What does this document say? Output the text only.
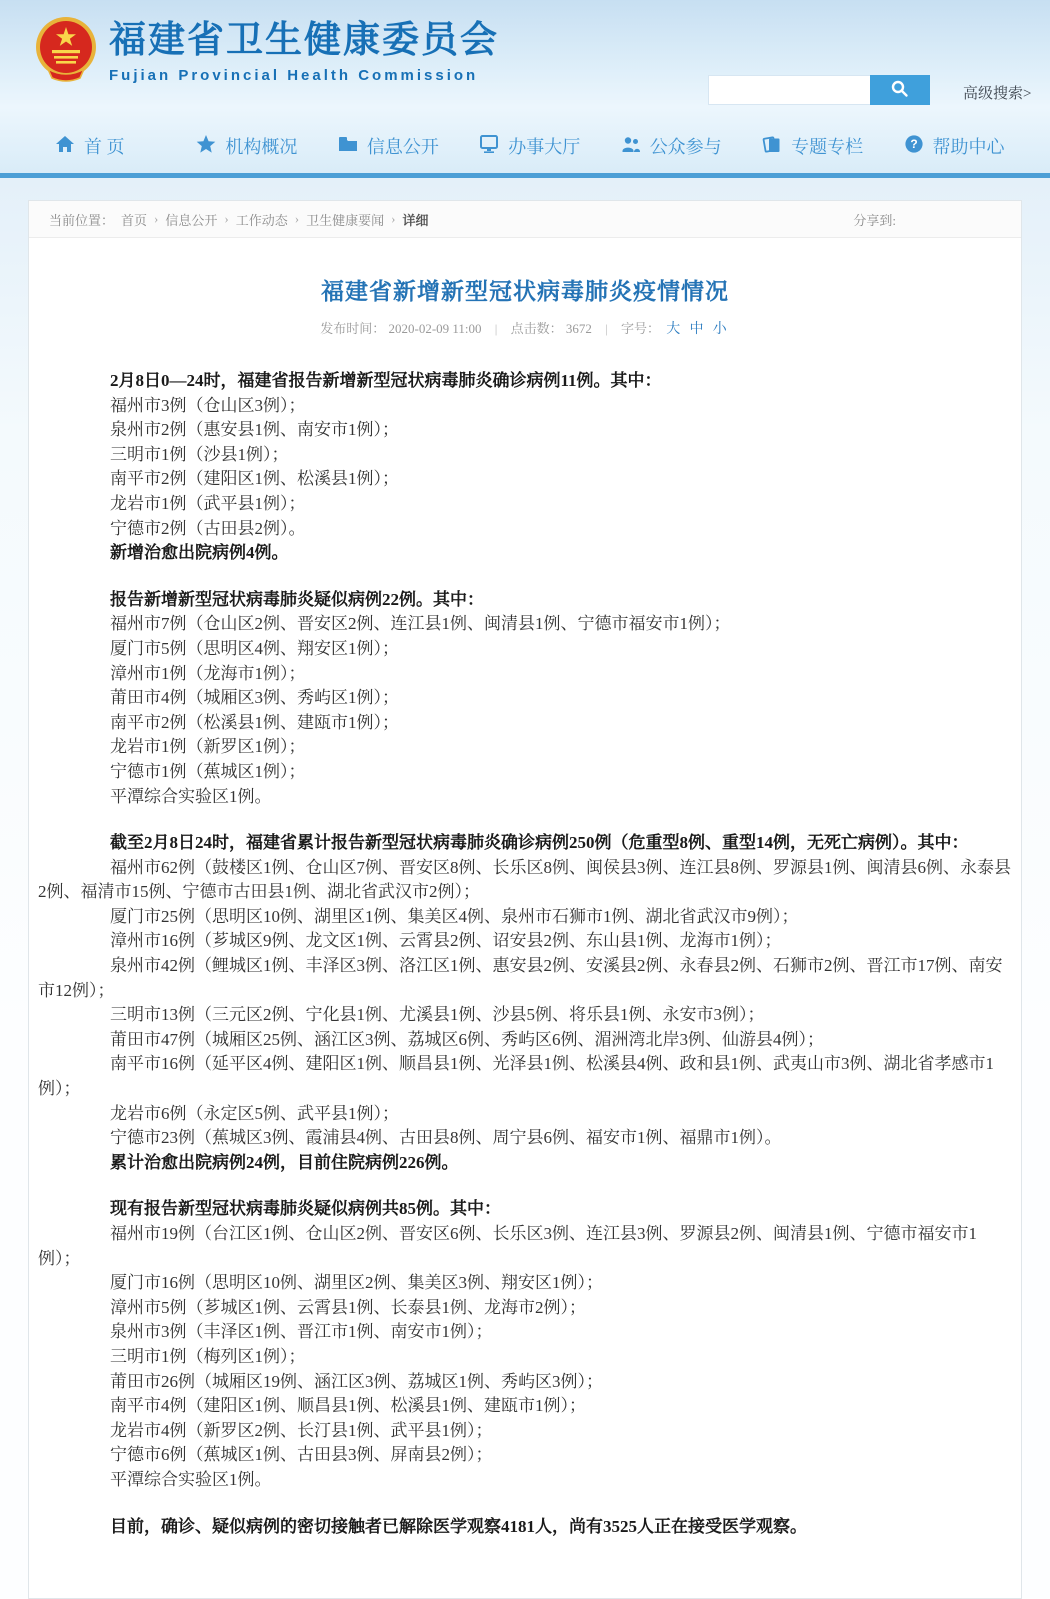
福建省卫生健康委员会
Fujian Provincial Health Commission
高级搜索>
首 页	机构概况	信息公开	办事大厅	公众参与	专题专栏	? 帮助中心
当前位置： 首页 › 信息公开 › 工作动态 › 卫生健康要闻 › 详细	分享到:
福建省新增新型冠状病毒肺炎疫情情况
发布时间： 2020-02-09 11:00 | 点击数： 3672 | 字号： 大 中 小

2月8日0—24时，福建省报告新增新型冠状病毒肺炎确诊病例11例。其中：

福州市3例（仓山区3例）；

泉州市2例（惠安县1例、南安市1例）；

三明市1例（沙县1例）；

南平市2例（建阳区1例、松溪县1例）；

龙岩市1例（武平县1例）；

宁德市2例（古田县2例）。

新增治愈出院病例4例。

报告新增新型冠状病毒肺炎疑似病例22例。其中：

福州市7例（仓山区2例、晋安区2例、连江县1例、闽清县1例、宁德市福安市1例）；

厦门市5例（思明区4例、翔安区1例）；

漳州市1例（龙海市1例）；

莆田市4例（城厢区3例、秀屿区1例）；

南平市2例（松溪县1例、建瓯市1例）；

龙岩市1例（新罗区1例）；

宁德市1例（蕉城区1例）；

平潭综合实验区1例。

截至2月8日24时，福建省累计报告新型冠状病毒肺炎确诊病例250例（危重型8例、重型14例，无死亡病例）。其中：

福州市62例（鼓楼区1例、仓山区7例、晋安区8例、长乐区8例、闽侯县3例、连江县8例、罗源县1例、闽清县6例、永泰县2例、福清市15例、宁德市古田县1例、湖北省武汉市2例）；

厦门市25例（思明区10例、湖里区1例、集美区4例、泉州市石狮市1例、湖北省武汉市9例）；

漳州市16例（芗城区9例、龙文区1例、云霄县2例、诏安县2例、东山县1例、龙海市1例）；

泉州市42例（鲤城区1例、丰泽区3例、洛江区1例、惠安县2例、安溪县2例、永春县2例、石狮市2例、晋江市17例、南安市12例）；

三明市13例（三元区2例、宁化县1例、尤溪县1例、沙县5例、将乐县1例、永安市3例）；

莆田市47例（城厢区25例、涵江区3例、荔城区6例、秀屿区6例、湄洲湾北岸3例、仙游县4例）；

南平市16例（延平区4例、建阳区1例、顺昌县1例、光泽县1例、松溪县4例、政和县1例、武夷山市3例、湖北省孝感市1例）；

龙岩市6例（永定区5例、武平县1例）；

宁德市23例（蕉城区3例、霞浦县4例、古田县8例、周宁县6例、福安市1例、福鼎市1例）。

累计治愈出院病例24例，目前住院病例226例。

现有报告新型冠状病毒肺炎疑似病例共85例。其中：

福州市19例（台江区1例、仓山区2例、晋安区6例、长乐区3例、连江县3例、罗源县2例、闽清县1例、宁德市福安市1例）；

厦门市16例（思明区10例、湖里区2例、集美区3例、翔安区1例）；

漳州市5例（芗城区1例、云霄县1例、长泰县1例、龙海市2例）；

泉州市3例（丰泽区1例、晋江市1例、南安市1例）；

三明市1例（梅列区1例）；

莆田市26例（城厢区19例、涵江区3例、荔城区1例、秀屿区3例）；

南平市4例（建阳区1例、顺昌县1例、松溪县1例、建瓯市1例）；

龙岩市4例（新罗区2例、长汀县1例、武平县1例）；

宁德市6例（蕉城区1例、古田县3例、屏南县2例）；

平潭综合实验区1例。

目前，确诊、疑似病例的密切接触者已解除医学观察4181人，尚有3525人正在接受医学观察。
